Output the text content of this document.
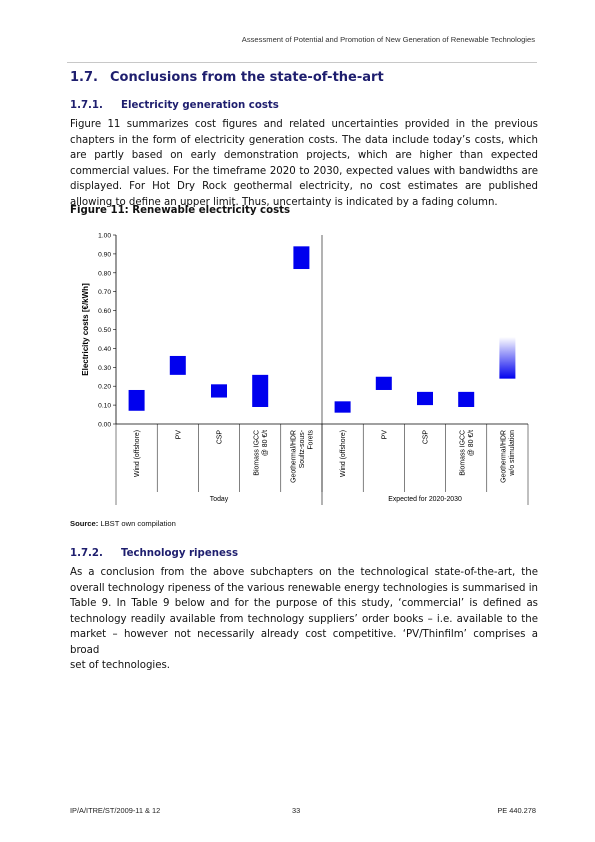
Assessment of Potential and Promotion of New Generation of Renewable Technologies
1.7. Conclusions from the state-of-the-art
1.7.1. Electricity generation costs
Figure 11 summarizes cost figures and related uncertainties provided in the previous
chapters in the form of electricity generation costs. The data include today’s costs, which
are partly based on early demonstration projects, which are higher than expected
commercial values. For the timeframe 2020 to 2030, expected values with bandwidths are
displayed. For Hot Dry Rock geothermal electricity, no cost estimates are published
allowing to define an upper limit. Thus, uncertainty is indicated by a fading column.
Figure 11: Renewable electricity costs
0.00
0.10
0.20
0.30
0.40
0.50
0.60
0.70
0.80
0.90
1.00
Electricity costs [€/kWh]
Wind (offshore)	PV	CSP	Biomass IGCC @ 80 €/t	Geothermal/HDR Soultz-sous- Forets	Wind (offshore)	PV	CSP	Biomass IGCC @ 80 €/t	Geothermal/HDR w/o stimulation
Today	Expected for 2020-2030
Source: LBST own compilation
1.7.2. Technology ripeness
As a conclusion from the above subchapters on the technological state-of-the-art, the
overall technology ripeness of the various renewable energy technologies is summarised in
Table 9. In Table 9 below and for the purpose of this study, ‘commercial’ is defined as
technology readily available from technology suppliers’ order books – i.e. available to the
market – however not necessarily already cost competitive. ‘PV/Thinfilm’ comprises a broad
set of technologies.
IP/A/ITRE/ST/2009-11 & 12	33	PE 440.278
